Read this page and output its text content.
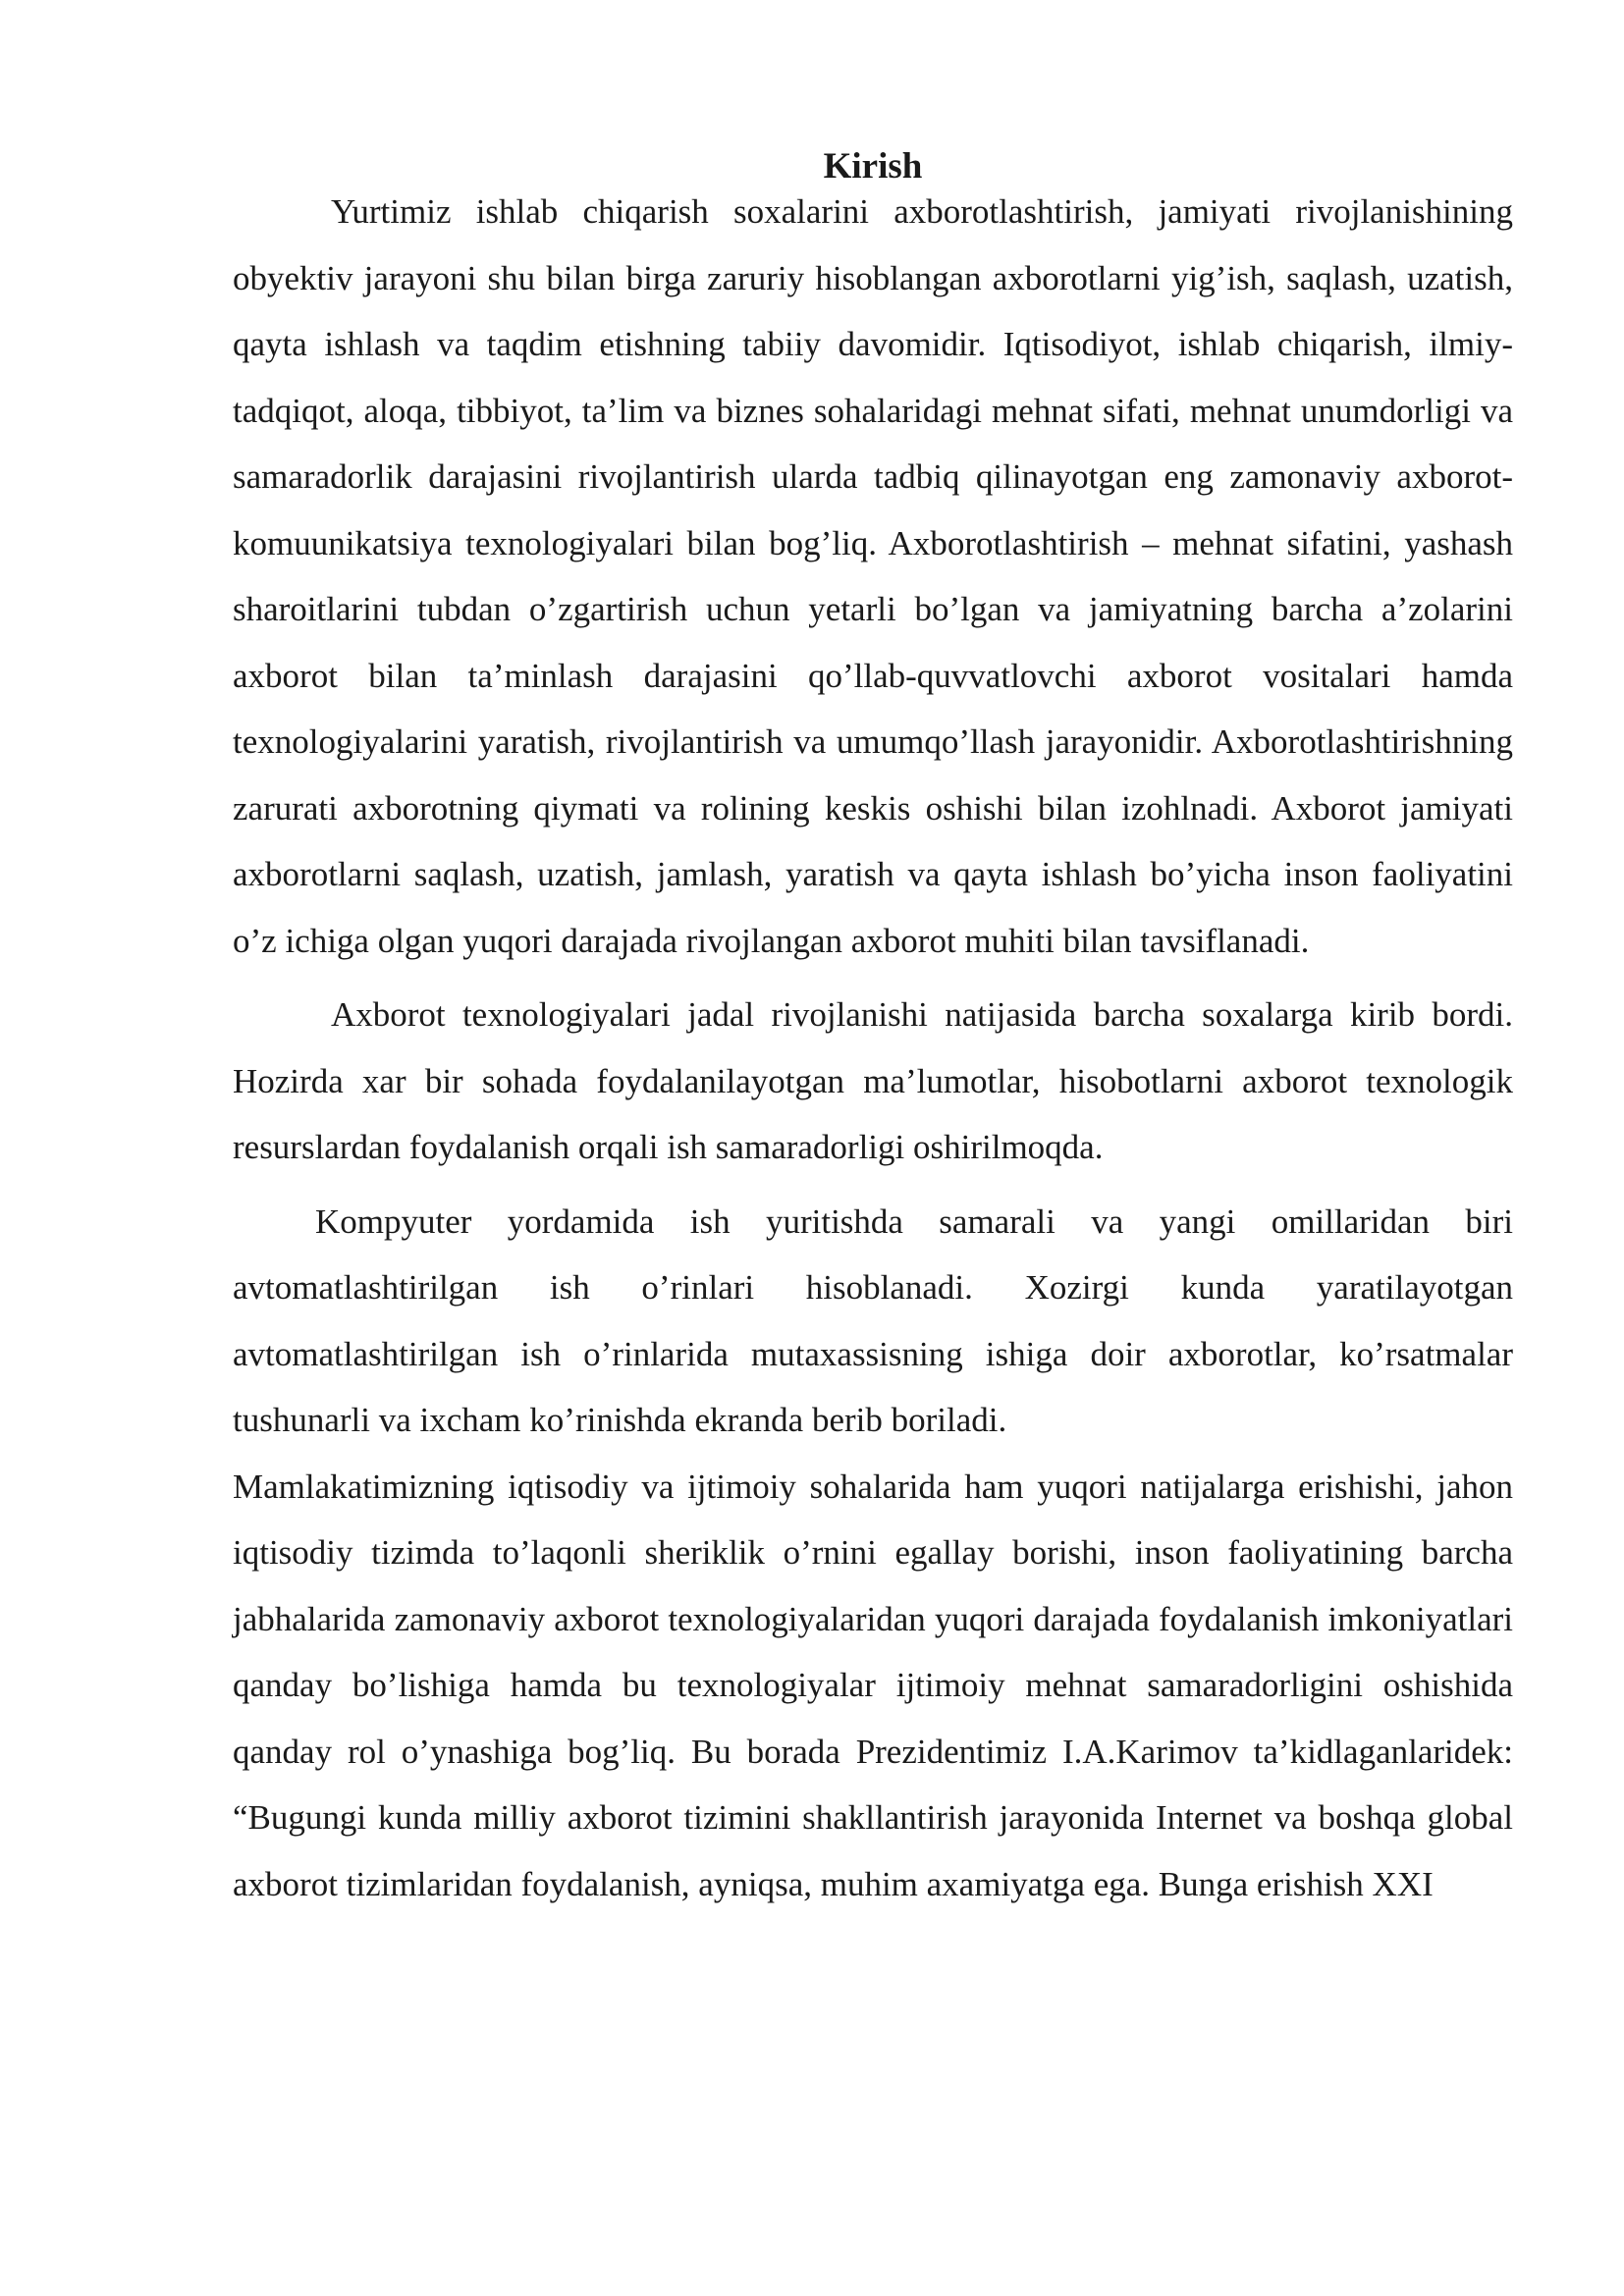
Kirish

Yurtimiz ishlab chiqarish soxalarini axborotlashtirish, jamiyati rivojlanishining obyektiv jarayoni shu bilan birga zaruriy hisoblangan axborotlarni yig’ish, saqlash, uzatish, qayta ishlash va taqdim etishning tabiiy davomidir. Iqtisodiyot, ishlab chiqarish, ilmiy-tadqiqot, aloqa, tibbiyot, ta’lim va biznes sohalaridagi mehnat sifati, mehnat unumdorligi va samaradorlik darajasini rivojlantirish ularda tadbiq qilinayotgan eng zamonaviy axborot-komuunikatsiya texnologiyalari bilan bog’liq. Axborotlashtirish – mehnat sifatini, yashash sharoitlarini tubdan o’zgartirish uchun yetarli bo’lgan va jamiyatning barcha a’zolarini axborot bilan ta’minlash darajasini qo’llab-quvvatlovchi axborot vositalari hamda texnologiyalarini yaratish, rivojlantirish va umumqo’llash jarayonidir. Axborotlashtirishning zarurati axborotning qiymati va rolining keskis oshishi bilan izohlnadi. Axborot jamiyati axborotlarni saqlash, uzatish, jamlash, yaratish va qayta ishlash bo’yicha inson faoliyatini o’z ichiga olgan yuqori darajada rivojlangan axborot muhiti bilan tavsiflanadi.

Axborot texnologiyalari jadal rivojlanishi natijasida barcha soxalarga kirib bordi. Hozirda xar bir sohada foydalanilayotgan ma’lumotlar, hisobotlarni axborot texnologik resurslardan foydalanish orqali ish samaradorligi oshirilmoqda.

Kompyuter yordamida ish yuritishda samarali va yangi omillaridan biri avtomatlashtirilgan ish o’rinlari hisoblanadi. Xozirgi kunda yaratilayotgan avtomatlashtirilgan ish o’rinlarida mutaxassisning ishiga doir axborotlar, ko’rsatmalar tushunarli va ixcham ko’rinishda ekranda berib boriladi.

Mamlakatimizning iqtisodiy va ijtimoiy sohalarida ham yuqori natijalarga erishishi, jahon iqtisodiy tizimda to’laqonli sheriklik o’rnini egallay borishi, inson faoliyatining barcha jabhalarida zamonaviy axborot texnologiyalaridan yuqori darajada foydalanish imkoniyatlari qanday bo’lishiga hamda bu texnologiyalar ijtimoiy mehnat samaradorligini oshishida qanday rol o’ynashiga bog’liq. Bu borada Prezidentimiz I.A.Karimov ta’kidlaganlaridek: “Bugungi kunda milliy axborot tizimini shakllantirish jarayonida Internet va boshqa global axborot tizimlaridan foydalanish, ayniqsa, muhim axamiyatga ega. Bunga erishish XXI
